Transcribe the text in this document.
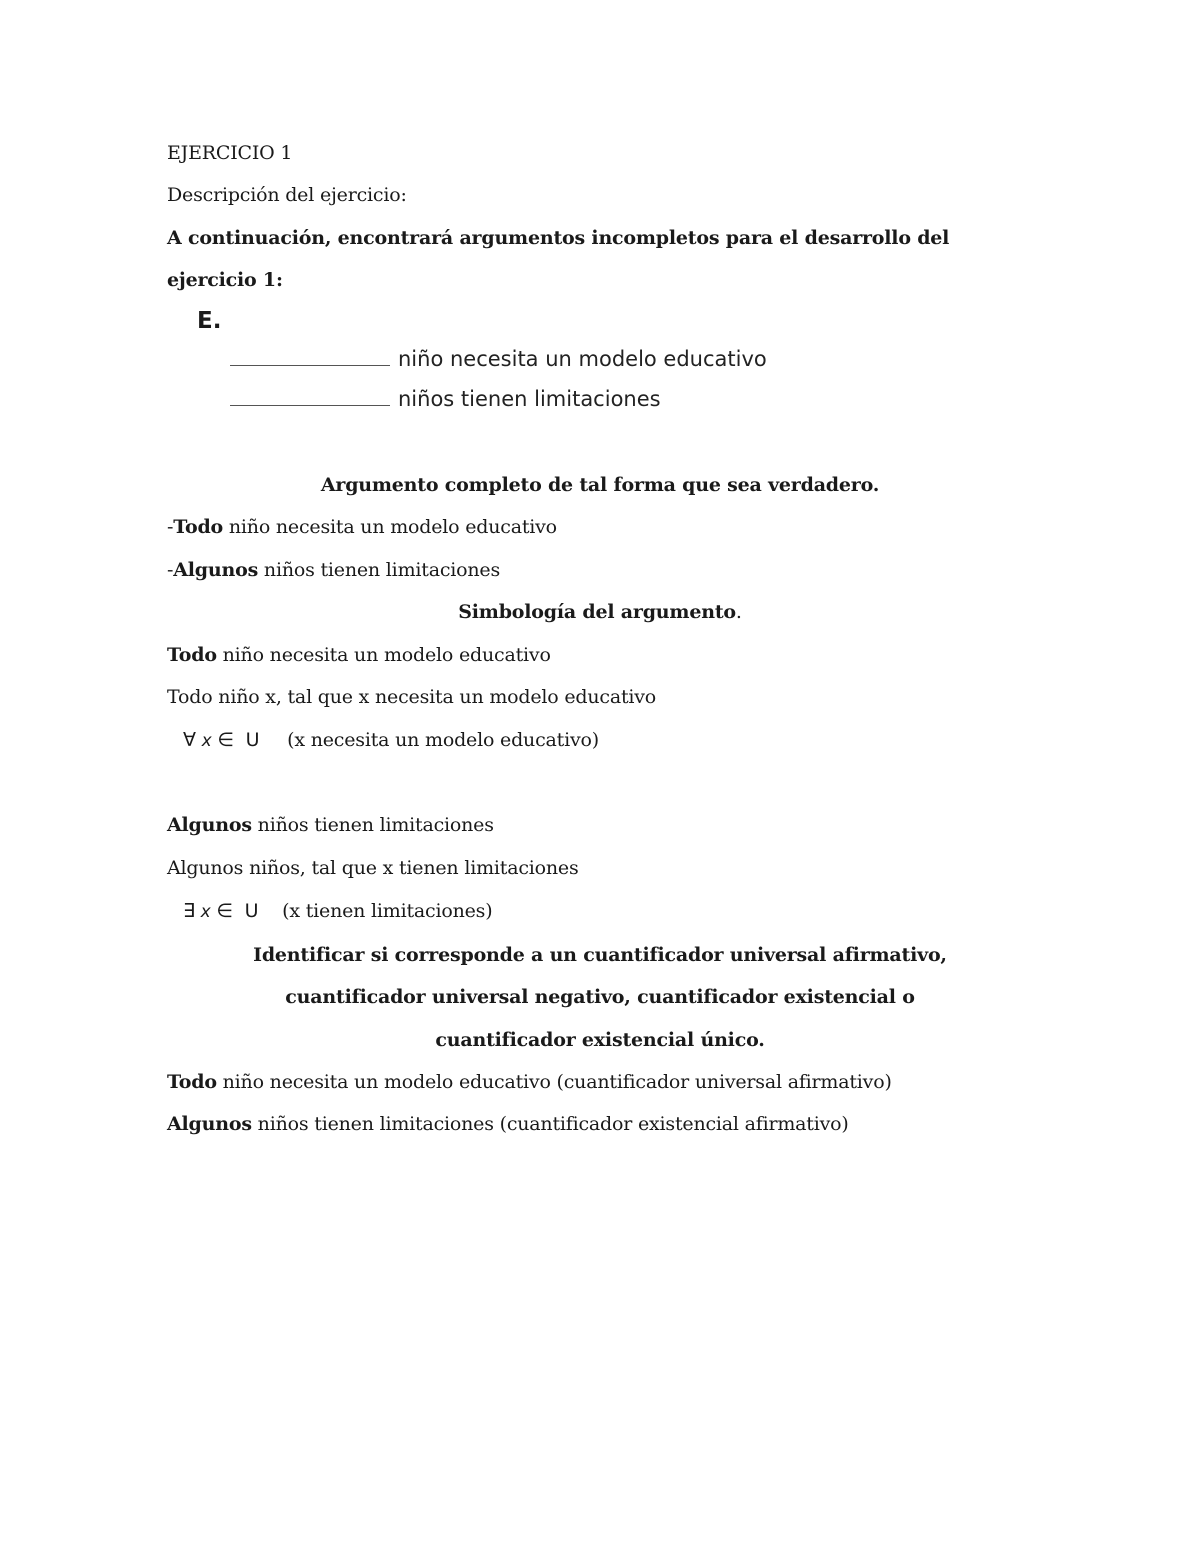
EJERCICIO 1
Descripción del ejercicio:
A continuación, encontrará argumentos incompletos para el desarrollo del
ejercicio 1:
E.
niño necesita un modelo educativo
niños tienen limitaciones
Argumento completo de tal forma que sea verdadero.
-Todo niño necesita un modelo educativo
-Algunos niños tienen limitaciones
Simbología del argumento.
Todo niño necesita un modelo educativo
Todo niño x, tal que x necesita un modelo educativo
∀ x ∈ U (x necesita un modelo educativo)
Algunos niños tienen limitaciones
Algunos niños, tal que x tienen limitaciones
∃ x ∈ U (x tienen limitaciones)
Identificar si corresponde a un cuantificador universal afirmativo,
cuantificador universal negativo, cuantificador existencial o
cuantificador existencial único.
Todo niño necesita un modelo educativo (cuantificador universal afirmativo)
Algunos niños tienen limitaciones (cuantificador existencial afirmativo)
